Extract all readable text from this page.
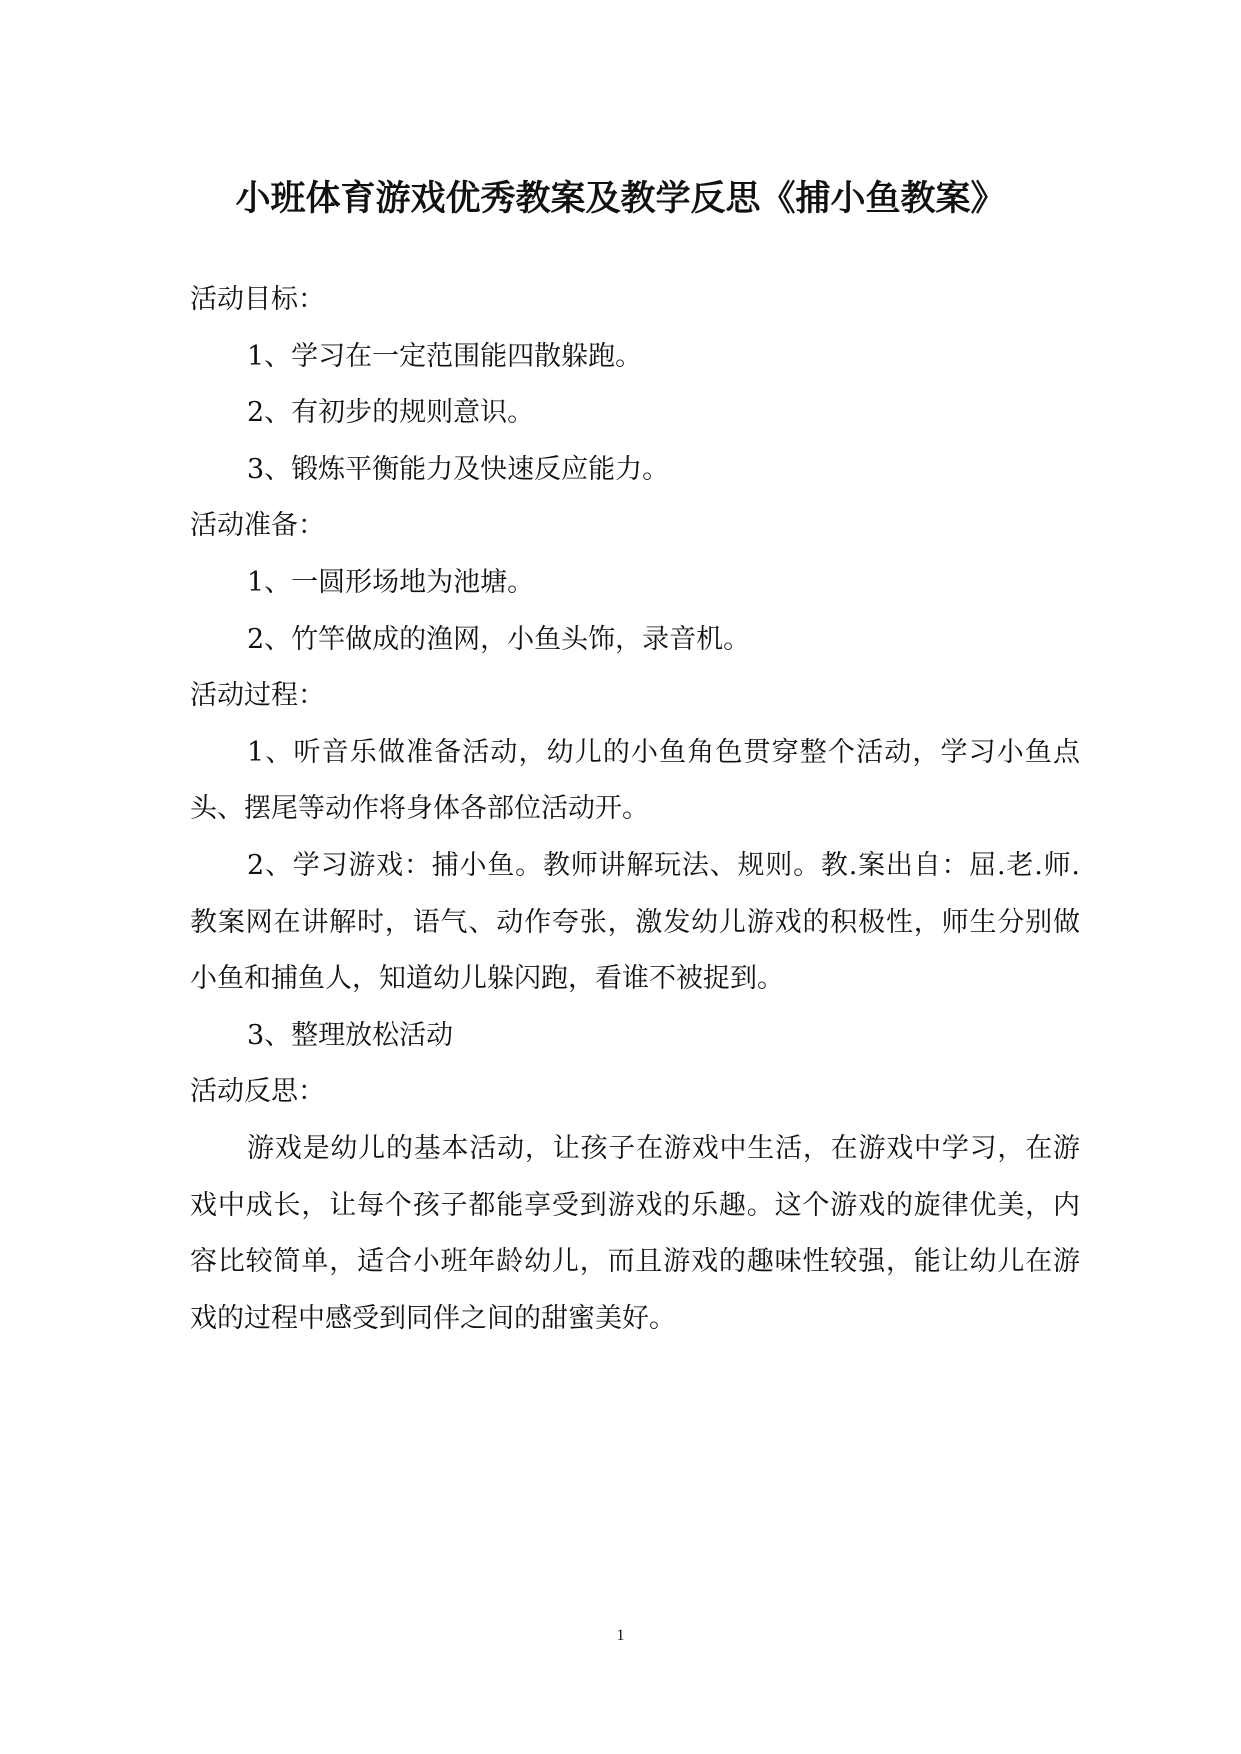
小班体育游戏优秀教案及教学反思《捕小鱼教案》

活动目标：

1、学习在一定范围能四散躲跑。

2、有初步的规则意识。

3、锻炼平衡能力及快速反应能力。

活动准备：

1、一圆形场地为池塘。

2、竹竿做成的渔网，小鱼头饰，录音机。

活动过程：

1、听音乐做准备活动，幼儿的小鱼角色贯穿整个活动，学习小鱼点头、摆尾等动作将身体各部位活动开。

2、学习游戏：捕小鱼。教师讲解玩法、规则。教.案出自：屈.老.师.教案网在讲解时，语气、动作夸张，激发幼儿游戏的积极性，师生分别做小鱼和捕鱼人，知道幼儿躲闪跑，看谁不被捉到。

3、整理放松活动

活动反思：

游戏是幼儿的基本活动，让孩子在游戏中生活，在游戏中学习，在游戏中成长，让每个孩子都能享受到游戏的乐趣。这个游戏的旋律优美，内容比较简单，适合小班年龄幼儿，而且游戏的趣味性较强，能让幼儿在游戏的过程中感受到同伴之间的甜蜜美好。

1
